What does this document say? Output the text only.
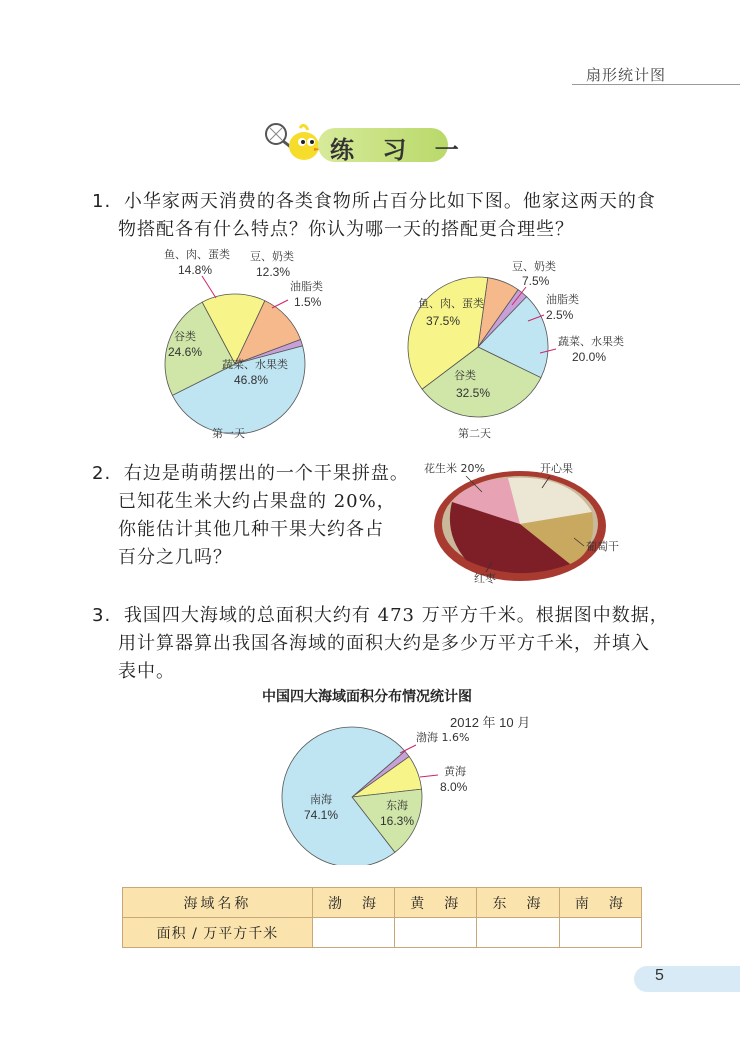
扇形统计图
练 习 一
1. 小华家两天消费的各类食物所占百分比如下图。他家这两天的食
物搭配各有什么特点？你认为哪一天的搭配更合理些？
鱼、肉、蛋类
14.8%
豆、奶类
12.3%
油脂类
1.5%
谷类
24.6%
蔬菜、水果类
46.8%
第一天
豆、奶类
7.5%
油脂类
2.5%
鱼、肉、蛋类
37.5%
蔬菜、水果类
20.0%
谷类
32.5%
第二天
2. 右边是萌萌摆出的一个干果拼盘。
已知花生米大约占果盘的 20%，
你能估计其他几种干果大约各占
百分之几吗？
花生米 20%	开心果
葡萄干
红枣
3. 我国四大海域的总面积大约有 473 万平方千米。根据图中数据，
用计算器算出我国各海域的面积大约是多少万平方千米，并填入
表中。
中国四大海域面积分布情况统计图
2012 年 10 月
渤海 1.6%
黄海
8.0%
东海
16.3%
南海
74.1%
海域名称	渤　海	黄　海	东　海	南　海
面积 / 万平方千米				
5
